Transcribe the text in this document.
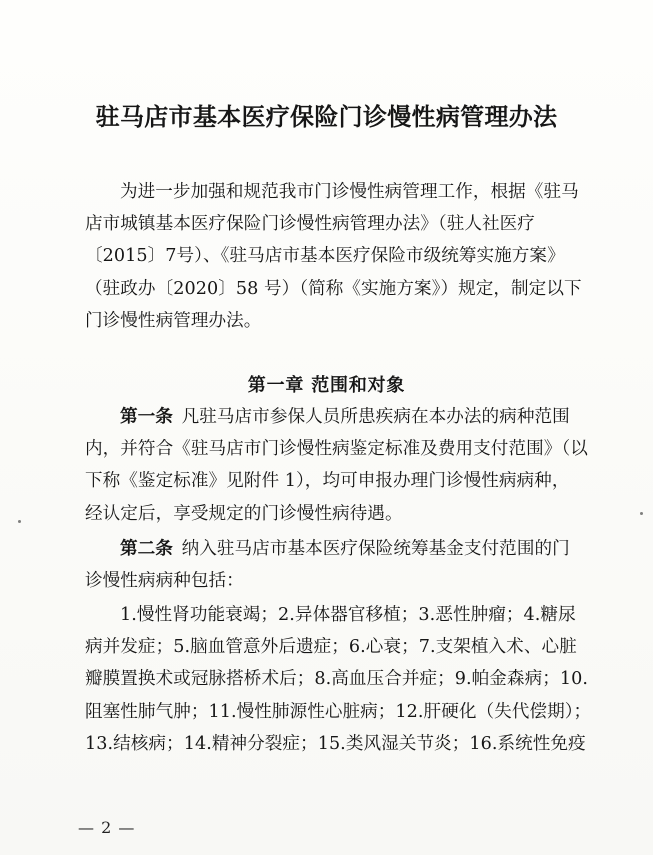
驻马店市基本医疗保险门诊慢性病管理办法
为进一步加强和规范我市门诊慢性病管理工作，根据《驻马
店市城镇基本医疗保险门诊慢性病管理办法》（驻人社医疗
〔2015〕7号）、《驻马店市基本医疗保险市级统筹实施方案》
（驻政办〔2020〕58 号）（简称《实施方案》）规定，制定以下
门诊慢性病管理办法。
第一章 范围和对象
第一条 凡驻马店市参保人员所患疾病在本办法的病种范围
内，并符合《驻马店市门诊慢性病鉴定标准及费用支付范围》（以
下称《鉴定标准》见附件 1），均可申报办理门诊慢性病病种，
经认定后，享受规定的门诊慢性病待遇。
第二条 纳入驻马店市基本医疗保险统筹基金支付范围的门
诊慢性病病种包括：
1.慢性肾功能衰竭；2.异体器官移植；3.恶性肿瘤；4.糖尿
病并发症；5.脑血管意外后遗症；6.心衰；7.支架植入术、心脏
瓣膜置换术或冠脉搭桥术后；8.高血压合并症；9.帕金森病；10.
阻塞性肺气肿；11.慢性肺源性心脏病；12.肝硬化（失代偿期）；
13.结核病；14.精神分裂症；15.类风湿关节炎；16.系统性免疫
— 2 —
